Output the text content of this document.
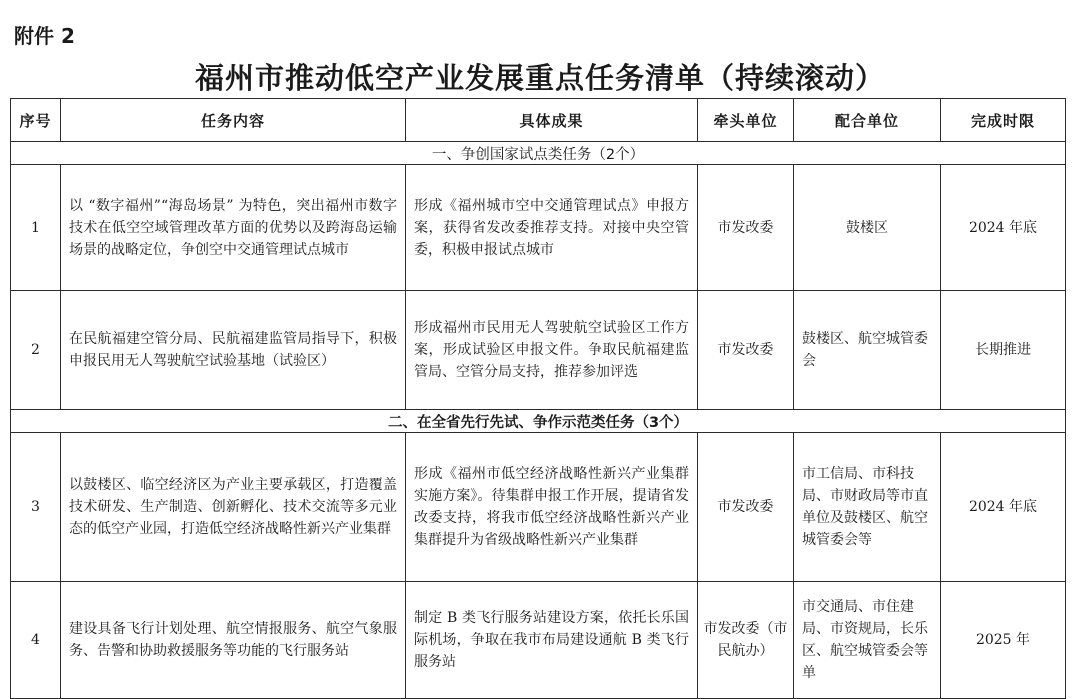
附件 2
福州市推动低空产业发展重点任务清单（持续滚动）
序号	任务内容	具体成果	牵头单位	配合单位	完成时限
一、争创国家试点类任务（2个）					
1	以 “数字福州”“海岛场景” 为特色，突出福州市数字技术在低空空域管理改革方面的优势以及跨海岛运输场景的战略定位，争创空中交通管理试点城市	形成《福州城市空中交通管理试点》申报方案，获得省发改委推荐支持。对接中央空管委，积极申报试点城市	市发改委	鼓楼区	2024 年底
2	在民航福建空管分局、民航福建监管局指导下，积极申报民用无人驾驶航空试验基地（试验区）	形成福州市民用无人驾驶航空试验区工作方案，形成试验区申报文件。争取民航福建监管局、空管分局支持，推荐参加评选	市发改委	鼓楼区、航空城管委会	长期推进
二、在全省先行先试、争作示范类任务（3个）					
3	以鼓楼区、临空经济区为产业主要承载区，打造覆盖技术研发、生产制造、创新孵化、技术交流等多元业态的低空产业园，打造低空经济战略性新兴产业集群	形成《福州市低空经济战略性新兴产业集群实施方案》。待集群申报工作开展，提请省发改委支持，将我市低空经济战略性新兴产业集群提升为省级战略性新兴产业集群	市发改委	市工信局、市科技局、市财政局等市直单位及鼓楼区、航空城管委会等	2024 年底
4	建设具备飞行计划处理、航空情报服务、航空气象服务、告警和协助救援服务等功能的飞行服务站	制定 B 类飞行服务站建设方案，依托长乐国际机场，争取在我市布局建设通航 B 类飞行服务站	市发改委（市民航办）	市交通局、市住建局、市资规局，长乐区、航空城管委会等单	2025 年
